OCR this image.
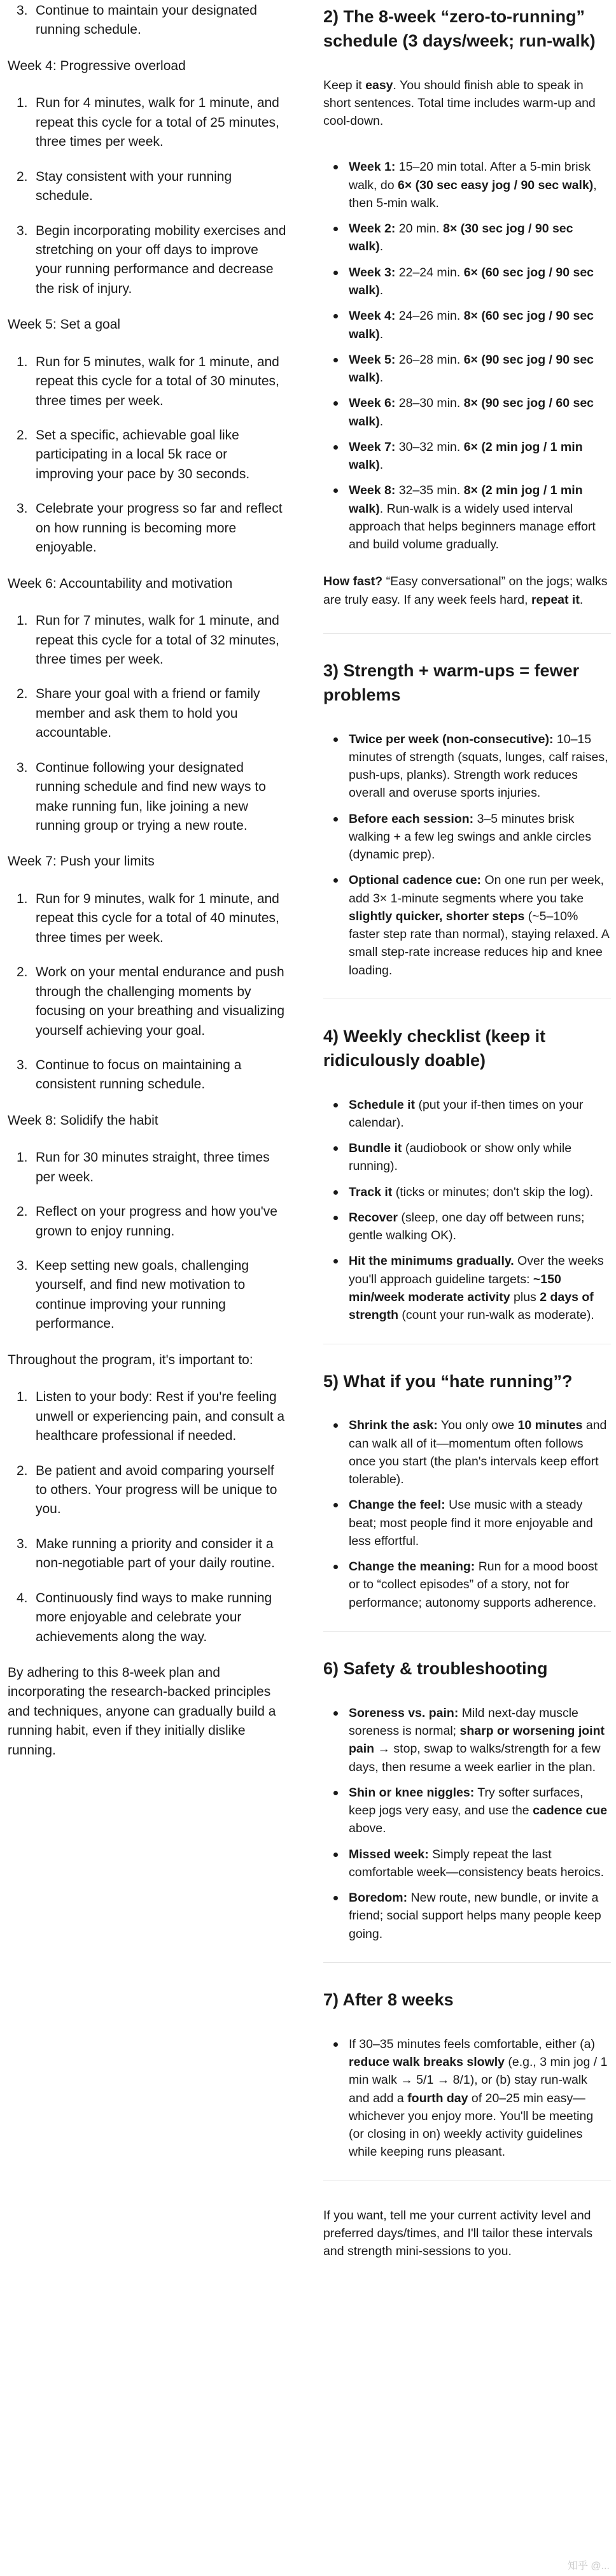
3. Continue to maintain your designated running schedule.
Week 4: Progressive overload
1. Run for 4 minutes, walk for 1 minute, and repeat this cycle for a total of 25 minutes, three times per week.
2. Stay consistent with your running schedule.
3. Begin incorporating mobility exercises and stretching on your off days to improve your running performance and decrease the risk of injury.
Week 5: Set a goal
1. Run for 5 minutes, walk for 1 minute, and repeat this cycle for a total of 30 minutes, three times per week.
2. Set a specific, achievable goal like participating in a local 5k race or improving your pace by 30 seconds.
3. Celebrate your progress so far and reflect on how running is becoming more enjoyable.
Week 6: Accountability and motivation
1. Run for 7 minutes, walk for 1 minute, and repeat this cycle for a total of 32 minutes, three times per week.
2. Share your goal with a friend or family member and ask them to hold you accountable.
3. Continue following your designated running schedule and find new ways to make running fun, like joining a new running group or trying a new route.
Week 7: Push your limits
1. Run for 9 minutes, walk for 1 minute, and repeat this cycle for a total of 40 minutes, three times per week.
2. Work on your mental endurance and push through the challenging moments by focusing on your breathing and visualizing yourself achieving your goal.
3. Continue to focus on maintaining a consistent running schedule.
Week 8: Solidify the habit
1. Run for 30 minutes straight, three times per week.
2. Reflect on your progress and how you've grown to enjoy running.
3. Keep setting new goals, challenging yourself, and find new motivation to continue improving your running performance.
Throughout the program, it's important to:
1. Listen to your body: Rest if you're feeling unwell or experiencing pain, and consult a healthcare professional if needed.
2. Be patient and avoid comparing yourself to others. Your progress will be unique to you.
3. Make running a priority and consider it a non-negotiable part of your daily routine.
4. Continuously find ways to make running more enjoyable and celebrate your achievements along the way.
By adhering to this 8-week plan and incorporating the research-backed principles and techniques, anyone can gradually build a running habit, even if they initially dislike running.
2) The 8-week “zero-to-running” schedule (3 days/week; run-walk)

Keep it easy. You should finish able to speak in short sentences. Total time includes warm-up and cool-down.

Week 1: 15–20 min total. After a 5-min brisk walk, do 6× (30 sec easy jog / 90 sec walk), then 5-min walk.
Week 2: 20 min. 8× (30 sec jog / 90 sec walk).
Week 3: 22–24 min. 6× (60 sec jog / 90 sec walk).
Week 4: 24–26 min. 8× (60 sec jog / 90 sec walk).
Week 5: 26–28 min. 6× (90 sec jog / 90 sec walk).
Week 6: 28–30 min. 8× (90 sec jog / 60 sec walk).
Week 7: 30–32 min. 6× (2 min jog / 1 min walk).
Week 8: 32–35 min. 8× (2 min jog / 1 min walk). Run-walk is a widely used interval approach that helps beginners manage effort and build volume gradually.

How fast? “Easy conversational” on the jogs; walks are truly easy. If any week feels hard, repeat it.

3) Strength + warm-ups = fewer problems
Twice per week (non-consecutive): 10–15 minutes of strength (squats, lunges, calf raises, push-ups, planks). Strength work reduces overall and overuse sports injuries.
Before each session: 3–5 minutes brisk walking + a few leg swings and ankle circles (dynamic prep).
Optional cadence cue: On one run per week, add 3× 1-minute segments where you take slightly quicker, shorter steps (~5–10% faster step rate than normal), staying relaxed. A small step-rate increase reduces hip and knee loading.
4) Weekly checklist (keep it ridiculously doable)
Schedule it (put your if-then times on your calendar).
Bundle it (audiobook or show only while running).
Track it (ticks or minutes; don't skip the log).
Recover (sleep, one day off between runs; gentle walking OK).
Hit the minimums gradually. Over the weeks you'll approach guideline targets: ~150 min/week moderate activity plus 2 days of strength (count your run-walk as moderate).
5) What if you “hate running”?
Shrink the ask: You only owe 10 minutes and can walk all of it—momentum often follows once you start (the plan's intervals keep effort tolerable).
Change the feel: Use music with a steady beat; most people find it more enjoyable and less effortful.
Change the meaning: Run for a mood boost or to “collect episodes” of a story, not for performance; autonomy supports adherence.
6) Safety & troubleshooting
Soreness vs. pain: Mild next-day muscle soreness is normal; sharp or worsening joint pain → stop, swap to walks/strength for a few days, then resume a week earlier in the plan.
Shin or knee niggles: Try softer surfaces, keep jogs very easy, and use the cadence cue above.
Missed week: Simply repeat the last comfortable week—consistency beats heroics.
Boredom: New route, new bundle, or invite a friend; social support helps many people keep going.
7) After 8 weeks
If 30–35 minutes feels comfortable, either (a) reduce walk breaks slowly (e.g., 3 min jog / 1 min walk → 5/1 → 8/1), or (b) stay run-walk and add a fourth day of 20–25 min easy—whichever you enjoy more. You'll be meeting (or closing in on) weekly activity guidelines while keeping runs pleasant.

If you want, tell me your current activity level and preferred days/times, and I'll tailor these intervals and strength mini-sessions to you.

知乎 @...
